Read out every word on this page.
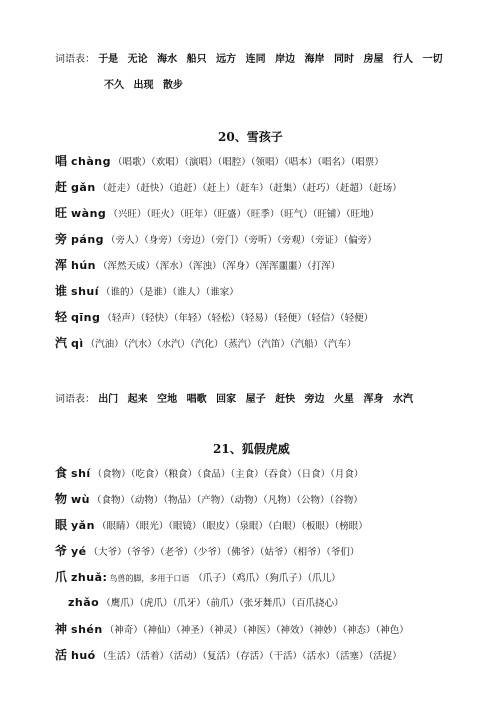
词语表： 于是 无论 海水 船只 远方 连同 岸边 海岸 同时 房屋 行人 一切
不久 出现 散步
20、雪孩子
唱 chàng （唱歌）（欢唱）（演唱）（唱腔）（领唱）（唱本）（唱名）（唱票）
赶 gǎn （赶走）（赶快）（追赶）（赶上）（赶车）（赶集）（赶巧）（赶超）（赶场）
旺 wàng （兴旺）（旺火）（旺年）（旺盛）（旺季）（旺气）（旺铺）（旺地）
旁 páng （旁人）（身旁）（旁边）（旁门）（旁听）（旁观）（旁证）（偏旁）
浑 hún （浑然天成）（浑水）（浑浊）（浑身）（浑浑噩噩）（打浑）
谁 shuí （谁的）（是谁）（谁人）（谁家）
轻 qīng （轻声）（轻快）（年轻）（轻松）（轻易）（轻便）（轻信）（轻便）
汽 qì （汽油）（汽水）（水汽）（汽化）（蒸汽）（汽笛）（汽船）（汽车）
词语表： 出门 起来 空地 唱歌 回家 屋子 赶快 旁边 火星 浑身 水汽
21、狐假虎威
食 shí （食物）（吃食）（粮食）（食品）（主食）（吞食）（日食）（月食）
物 wù （食物）（动物）（物品）（产物）（动物）（凡物）（公物）（谷物）
眼 yǎn （眼睛）（眼光）（眼镜）（眼皮）（泉眼）（白眼）（板眼）（榜眼）
爷 yé （大爷）（爷爷）（老爷）（少爷）（佛爷）（姑爷）（相爷）（爷们）
爪 zhuǎ: 鸟兽的脚，多用于口语 （爪子）（鸡爪）（狗爪子）（爪儿）
zhǎo （鹰爪）（虎爪）（爪牙）（前爪）（张牙舞爪）（百爪挠心）
神 shén （神奇）（神仙）（神圣）（神灵）（神医）（神效）（神妙）（神态）（神色）
活 huó （生活）（活着）（活动）（复活）（存活）（干活）（活水）（活塞）（活捉）
